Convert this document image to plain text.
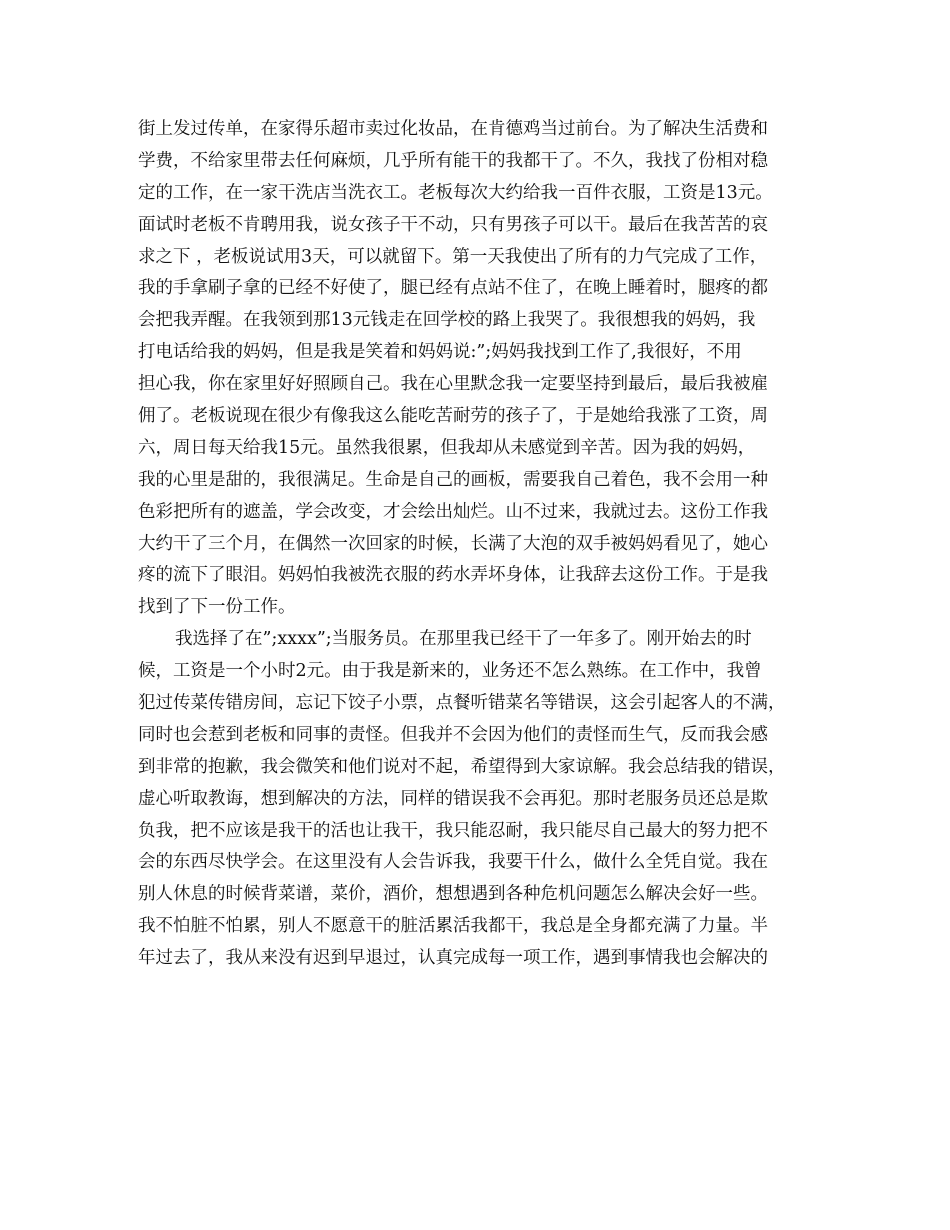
街上发过传单，在家得乐超市卖过化妆品，在肯德鸡当过前台。为了解决生活费和
学费，不给家里带去任何麻烦，几乎所有能干的我都干了。不久，我找了份相对稳
定的工作，在一家干洗店当洗衣工。老板每次大约给我一百件衣服，工资是13元。
面试时老板不肯聘用我，说女孩子干不动，只有男孩子可以干。最后在我苦苦的哀
求之下 ，老板说试用3天，可以就留下。第一天我使出了所有的力气完成了工作，
我的手拿刷子拿的已经不好使了，腿已经有点站不住了，在晚上睡着时，腿疼的都
会把我弄醒。在我领到那13元钱走在回学校的路上我哭了。我很想我的妈妈，我
打电话给我的妈妈，但是我是笑着和妈妈说:”;妈妈我找到工作了,我很好，不用
担心我，你在家里好好照顾自己。我在心里默念我一定要坚持到最后，最后我被雇
佣了。老板说现在很少有像我这么能吃苦耐劳的孩子了，于是她给我涨了工资，周
六，周日每天给我15元。虽然我很累，但我却从未感觉到辛苦。因为我的妈妈，
我的心里是甜的，我很满足。生命是自己的画板，需要我自己着色，我不会用一种
色彩把所有的遮盖，学会改变，才会绘出灿烂。山不过来，我就过去。这份工作我
大约干了三个月，在偶然一次回家的时候，长满了大泡的双手被妈妈看见了，她心
疼的流下了眼泪。妈妈怕我被洗衣服的药水弄坏身体，让我辞去这份工作。于是我
找到了下一份工作。
我选择了在”;xxxx”;当服务员。在那里我已经干了一年多了。刚开始去的时
候，工资是一个小时2元。由于我是新来的，业务还不怎么熟练。在工作中，我曾
犯过传菜传错房间，忘记下饺子小票，点餐听错菜名等错误，这会引起客人的不满，
同时也会惹到老板和同事的责怪。但我并不会因为他们的责怪而生气，反而我会感
到非常的抱歉，我会微笑和他们说对不起，希望得到大家谅解。我会总结我的错误，
虚心听取教诲，想到解决的方法，同样的错误我不会再犯。那时老服务员还总是欺
负我，把不应该是我干的活也让我干，我只能忍耐，我只能尽自己最大的努力把不
会的东西尽快学会。在这里没有人会告诉我，我要干什么，做什么全凭自觉。我在
别人休息的时候背菜谱，菜价，酒价，想想遇到各种危机问题怎么解决会好一些。
我不怕脏不怕累，别人不愿意干的脏活累活我都干，我总是全身都充满了力量。半
年过去了，我从来没有迟到早退过，认真完成每一项工作，遇到事情我也会解决的
